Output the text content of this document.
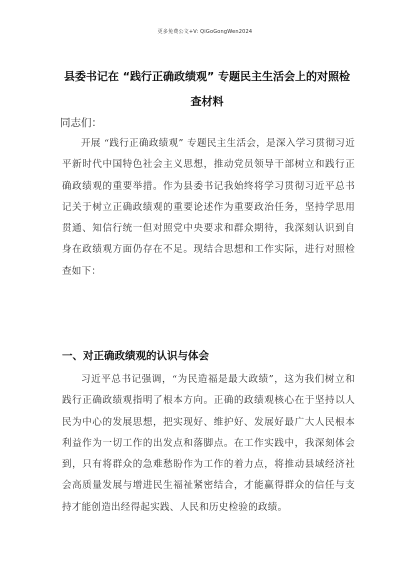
更多免费公文+V: QiGoGongWen2024
县委书记在 “践行正确政绩观” 专题民主生活会上的对照检查材料
同志们：

开展 “践行正确政绩观” 专题民主生活会，是深入学习贯彻习近平新时代中国特色社会主义思想，推动党员领导干部树立和践行正确政绩观的重要举措。作为县委书记我始终将学习贯彻习近平总书记关于树立正确政绩观的重要论述作为重要政治任务，坚持学思用贯通、知信行统一但对照党中央要求和群众期待，我深刻认识到自身在政绩观方面仍存在不足。现结合思想和工作实际，进行对照检查如下：

一、对正确政绩观的认识与体会

习近平总书记强调，“为民造福是最大政绩”，这为我们树立和践行正确政绩观指明了根本方向。正确的政绩观核心在于坚持以人民为中心的发展思想，把实现好、维护好、发展好最广大人民根本利益作为一切工作的出发点和落脚点。在工作实践中，我深刻体会到，只有将群众的急难愁盼作为工作的着力点，将推动县域经济社会高质量发展与增进民生福祉紧密结合，才能赢得群众的信任与支持才能创造出经得起实践、人民和历史检验的政绩。
